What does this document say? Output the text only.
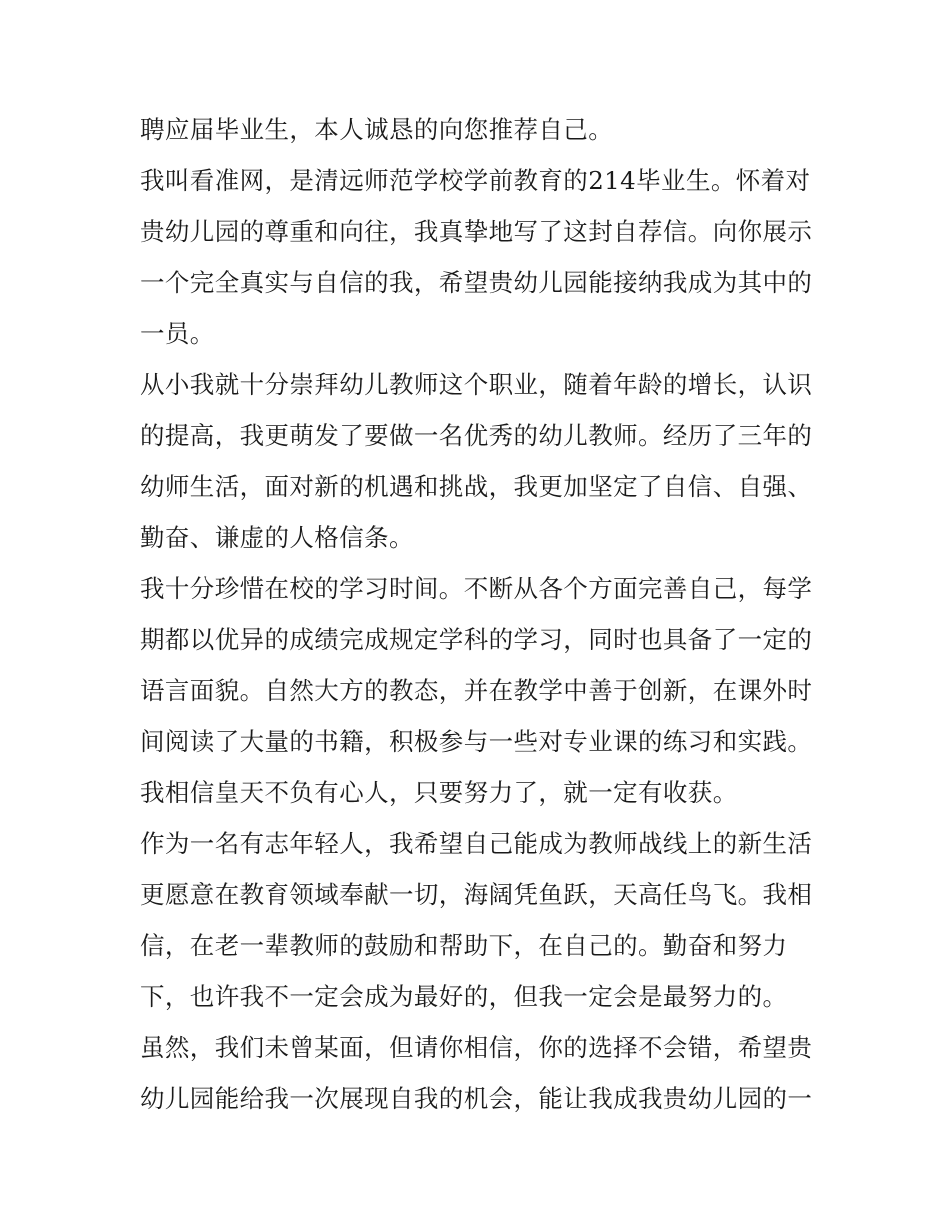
聘应届毕业生，本人诚恳的向您推荐自己。
我叫看准网，是清远师范学校学前教育的214毕业生。怀着对
贵幼儿园的尊重和向往，我真挚地写了这封自荐信。向你展示
一个完全真实与自信的我，希望贵幼儿园能接纳我成为其中的
一员。
从小我就十分崇拜幼儿教师这个职业，随着年龄的增长，认识
的提高，我更萌发了要做一名优秀的幼儿教师。经历了三年的
幼师生活，面对新的机遇和挑战，我更加坚定了自信、自强、
勤奋、谦虚的人格信条。
我十分珍惜在校的学习时间。不断从各个方面完善自己，每学
期都以优异的成绩完成规定学科的学习，同时也具备了一定的
语言面貌。自然大方的教态，并在教学中善于创新，在课外时
间阅读了大量的书籍，积极参与一些对专业课的练习和实践。
我相信皇天不负有心人，只要努力了，就一定有收获。
作为一名有志年轻人，我希望自己能成为教师战线上的新生活
更愿意在教育领域奉献一切，海阔凭鱼跃，天高任鸟飞。我相
信，在老一辈教师的鼓励和帮助下，在自己的。勤奋和努力
下，也许我不一定会成为最好的，但我一定会是最努力的。
虽然，我们未曾某面，但请你相信，你的选择不会错，希望贵
幼儿园能给我一次展现自我的机会，能让我成我贵幼儿园的一
